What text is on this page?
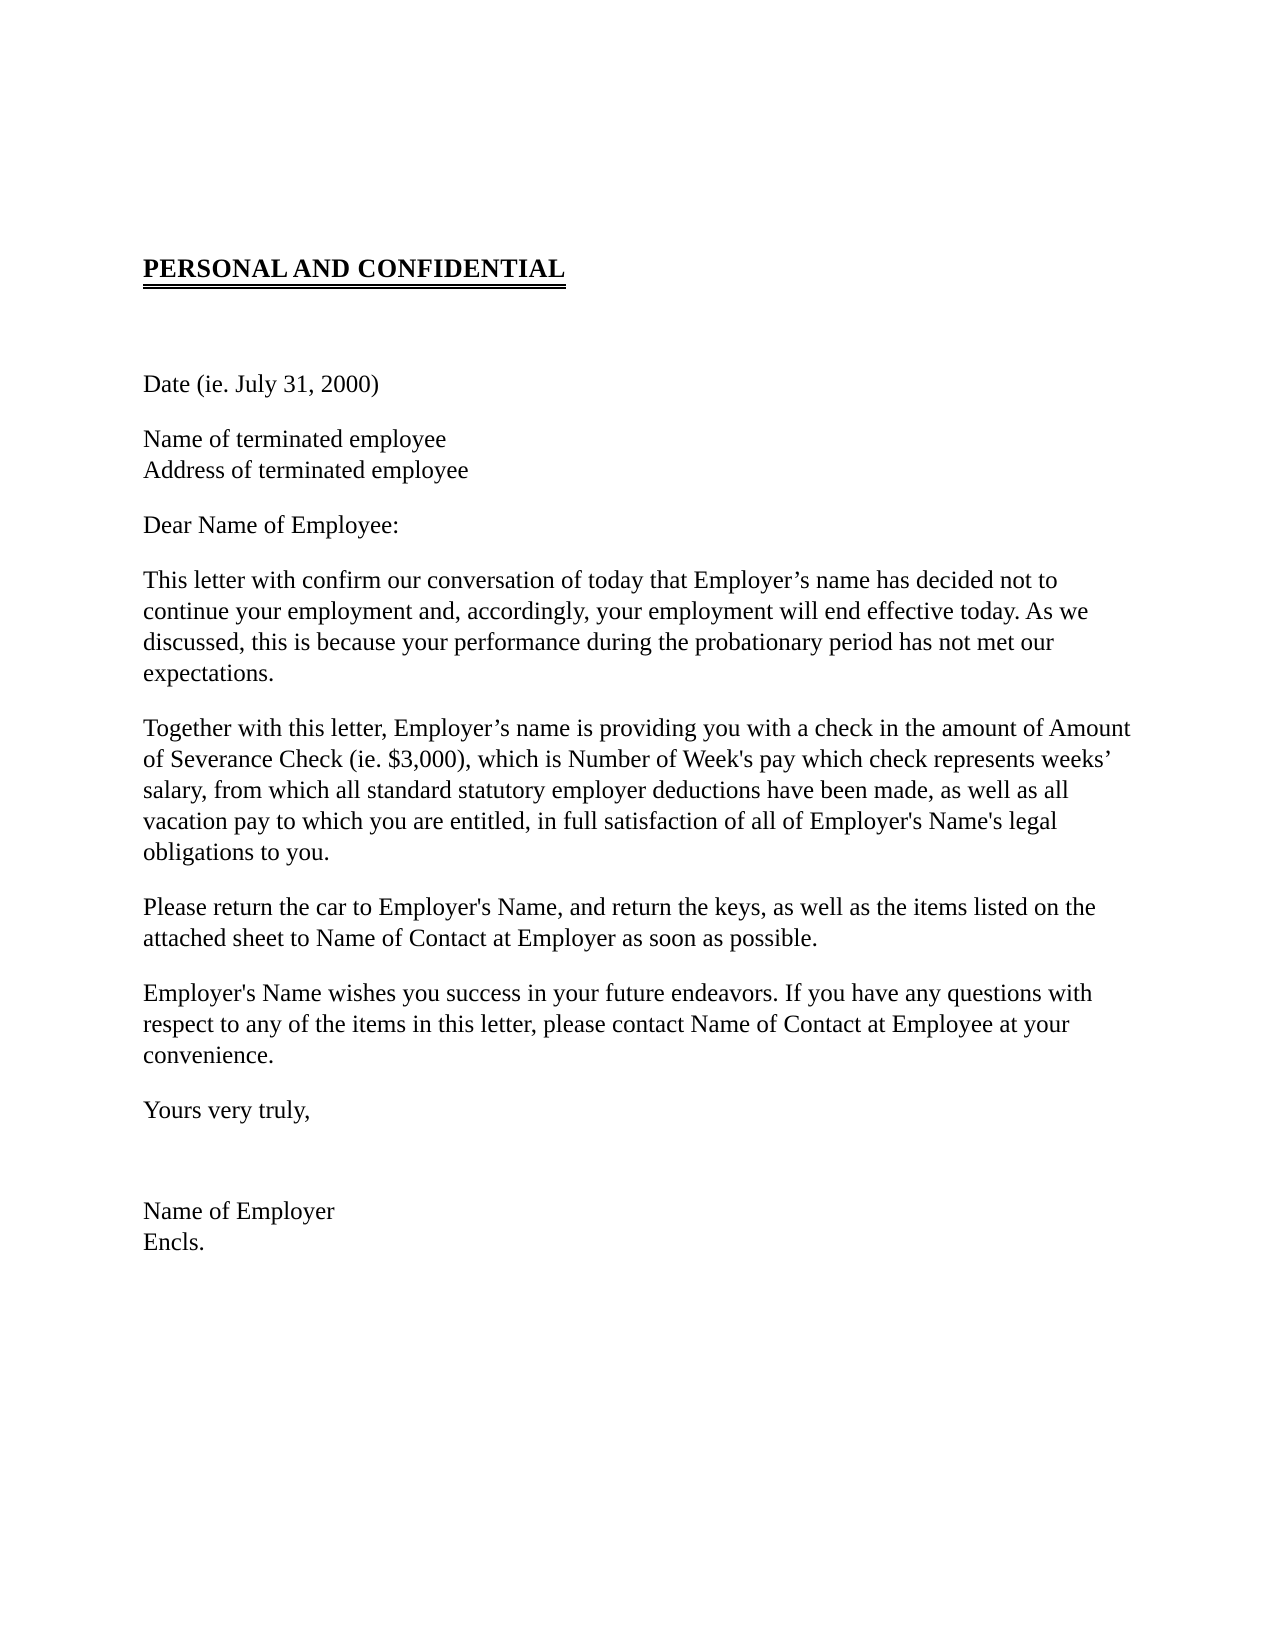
PERSONAL AND CONFIDENTIAL

Date (ie. July 31, 2000)

Name of terminated employee

Address of terminated employee

Dear Name of Employee:

This letter with confirm our conversation of today that Employer’s name has decided not to continue your employment and, accordingly, your employment will end effective today. As we discussed, this is because your performance during the probationary period has not met our expectations.

Together with this letter, Employer’s name is providing you with a check in the amount of Amount of Severance Check (ie. $3,000), which is Number of Week's pay which check represents weeks’ salary, from which all standard statutory employer deductions have been made, as well as all vacation pay to which you are entitled, in full satisfaction of all of Employer's Name's legal obligations to you.

Please return the car to Employer's Name, and return the keys, as well as the items listed on the attached sheet to Name of Contact at Employer as soon as possible.

Employer's Name wishes you success in your future endeavors. If you have any questions with respect to any of the items in this letter, please contact Name of Contact at Employee at your convenience.

Yours very truly,

Name of Employer

Encls.
